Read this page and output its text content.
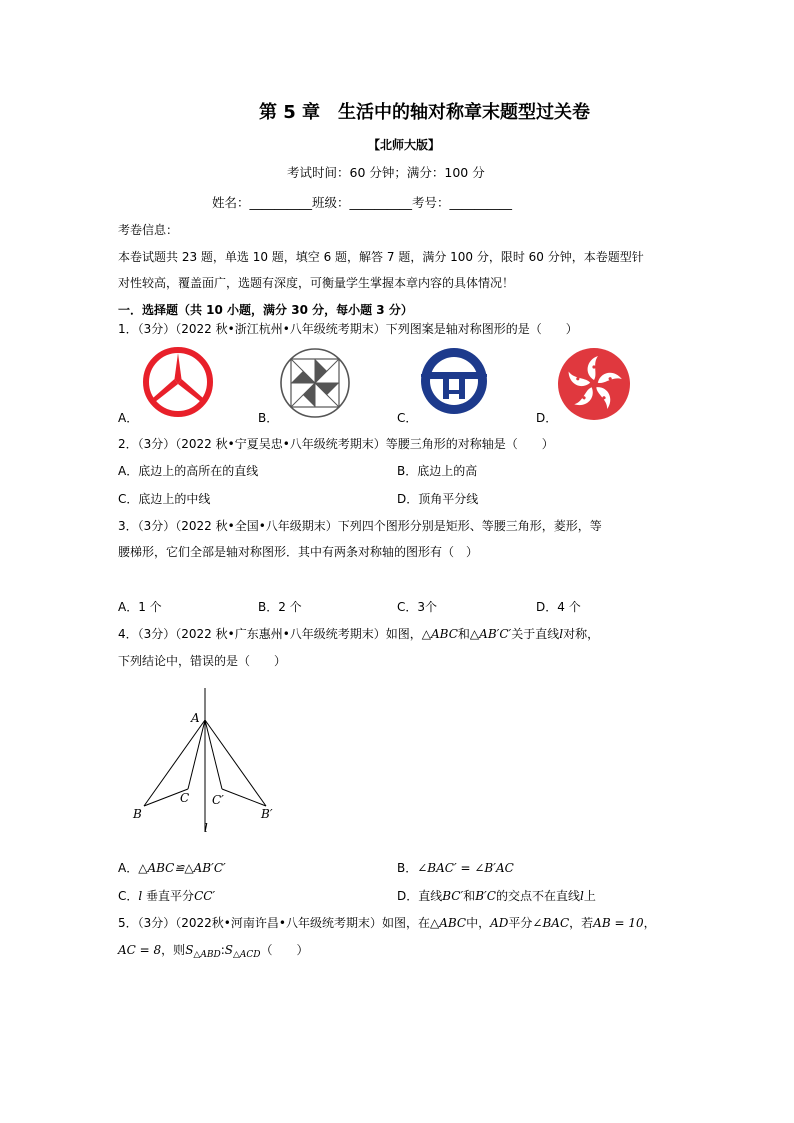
第 5 章　生活中的轴对称章末题型过关卷
【北师大版】
考试时间：60 分钟；满分：100 分
姓名：__________班级：__________考号：__________
考卷信息：
本卷试题共 23 题，单选 10 题，填空 6 题，解答 7 题，满分 100 分，限时 60 分钟，本卷题型针
对性较高，覆盖面广，选题有深度，可衡量学生掌握本章内容的具体情况！
一．选择题（共 10 小题，满分 30 分，每小题 3 分）
1．（3分）（2022 秋•浙江杭州•八年级统考期末）下列图案是轴对称图形的是（　　）
A．	B．	C．	D．
2．（3分）（2022 秋•宁夏吴忠•八年级统考期末）等腰三角形的对称轴是（　　）
A．底边上的高所在的直线	B．底边上的高
C．底边上的中线	D．顶角平分线
3．（3分）（2022 秋•全国•八年级期末）下列四个图形分别是矩形、等腰三角形，菱形，等
腰梯形，它们全部是轴对称图形．其中有两条对称轴的图形有（　）
A．1 个	B．2 个	C．3个	D．4 个
4．（3分）（2022 秋•广东惠州•八年级统考期末）如图，△ABC和△AB′C′关于直线l对称，
下列结论中，错误的是（　　）
A
B
C C′
B′
l
A．△ABC≌△AB′C′	B．∠BAC′ = ∠B′AC
C．l 垂直平分CC′	D．直线BC′和B′C的交点不在直线l上
5．（3分）（2022秋•河南许昌•八年级统考期末）如图，在△ABC中，AD平分∠BAC，若AB = 10，
AC = 8，则$S_{\triangle ABD}:S_{\triangle ACD}$（　　）
